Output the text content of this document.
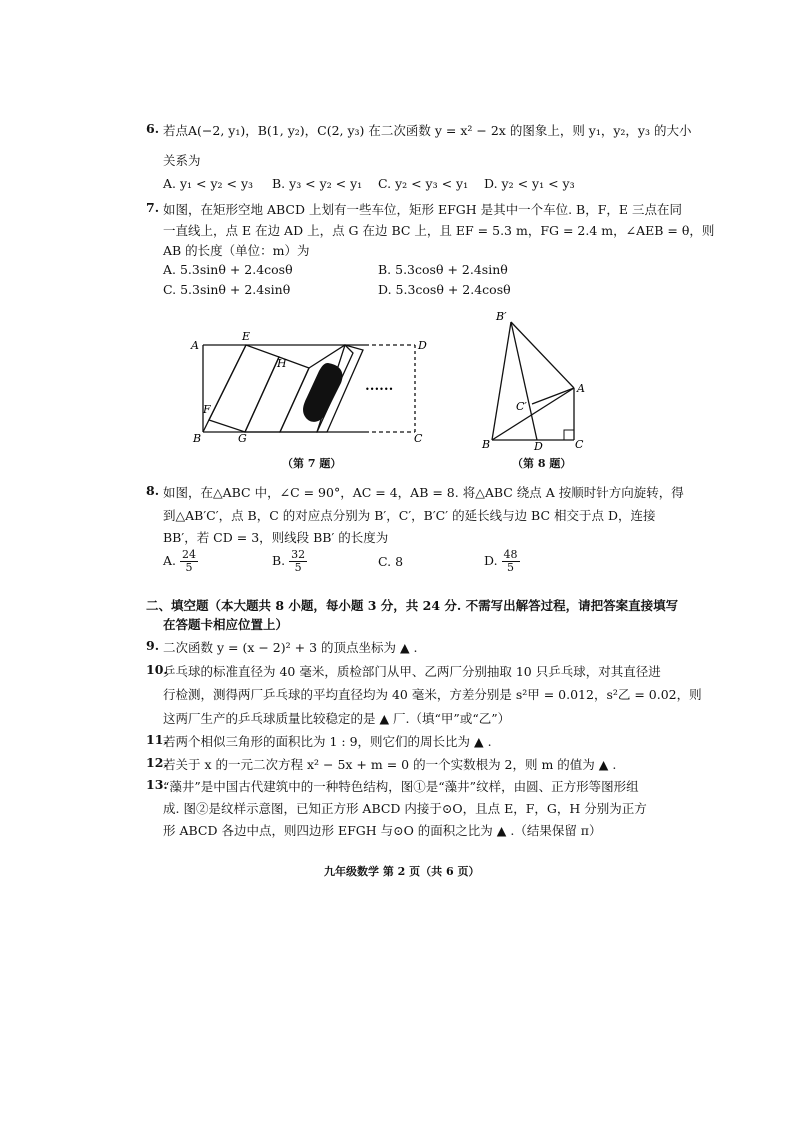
6. 若点A(−2, y₁)，B(1, y₂)，C(2, y₃) 在二次函数 y = x² − 2x 的图象上，则 y₁，y₂，y₃ 的大小
关系为
A. y₁ < y₂ < y₃ B. y₃ < y₂ < y₁ C. y₂ < y₃ < y₁ D. y₂ < y₁ < y₃
7. 如图，在矩形空地 ABCD 上划有一些车位，矩形 EFGH 是其中一个车位. B，F，E 三点在同
一直线上，点 E 在边 AD 上，点 G 在边 BC 上，且 EF = 5.3 m，FG = 2.4 m，∠AEB = θ，则
AB 的长度（单位：m）为
A. 5.3sinθ + 2.4cosθ	B. 5.3cosθ + 2.4sinθ
C. 5.3sinθ + 2.4sinθ	D. 5.3cosθ + 2.4cosθ
••••••
A
E
H
D
F
B	G	C
（第 7 题）
B′
A
C′
B	D	C
（第 8 题）
8. 如图，在△ABC 中，∠C = 90°，AC = 4，AB = 8. 将△ABC 绕点 A 按顺时针方向旋转，得
到△AB′C′，点 B，C 的对应点分别为 B′，C′，B′C′ 的延长线与边 BC 相交于点 D，连接
BB′，若 CD = 3，则线段 BB′ 的长度为
A. $\frac{24}{5}$	B. $\frac{32}{5}$	C. 8	D. $\frac{48}{5}$
二、填空题（本大题共 8 小题，每小题 3 分，共 24 分. 不需写出解答过程，请把答案直接填写
在答题卡相应位置上）
9. 二次函数 y = (x − 2)² + 3 的顶点坐标为 ▲ .
10.
乒乓球的标准直径为 40 毫米，质检部门从甲、乙两厂分别抽取 10 只乒乓球，对其直径进
行检测，测得两厂乒乓球的平均直径均为 40 毫米，方差分别是 s²甲 = 0.012，s²乙 = 0.02，则
这两厂生产的乒乓球质量比较稳定的是 ▲ 厂.（填“甲”或“乙”）
11.
若两个相似三角形的面积比为 1 : 9，则它们的周长比为 ▲ .
12.
若关于 x 的一元二次方程 x² − 5x + m = 0 的一个实数根为 2，则 m 的值为 ▲ .
13.
“藻井”是中国古代建筑中的一种特色结构，图①是“藻井”纹样，由圆、正方形等图形组
成. 图②是纹样示意图，已知正方形 ABCD 内接于⊙O，且点 E，F，G，H 分别为正方
形 ABCD 各边中点，则四边形 EFGH 与⊙O 的面积之比为 ▲ .（结果保留 π）
九年级数学 第 2 页（共 6 页）
